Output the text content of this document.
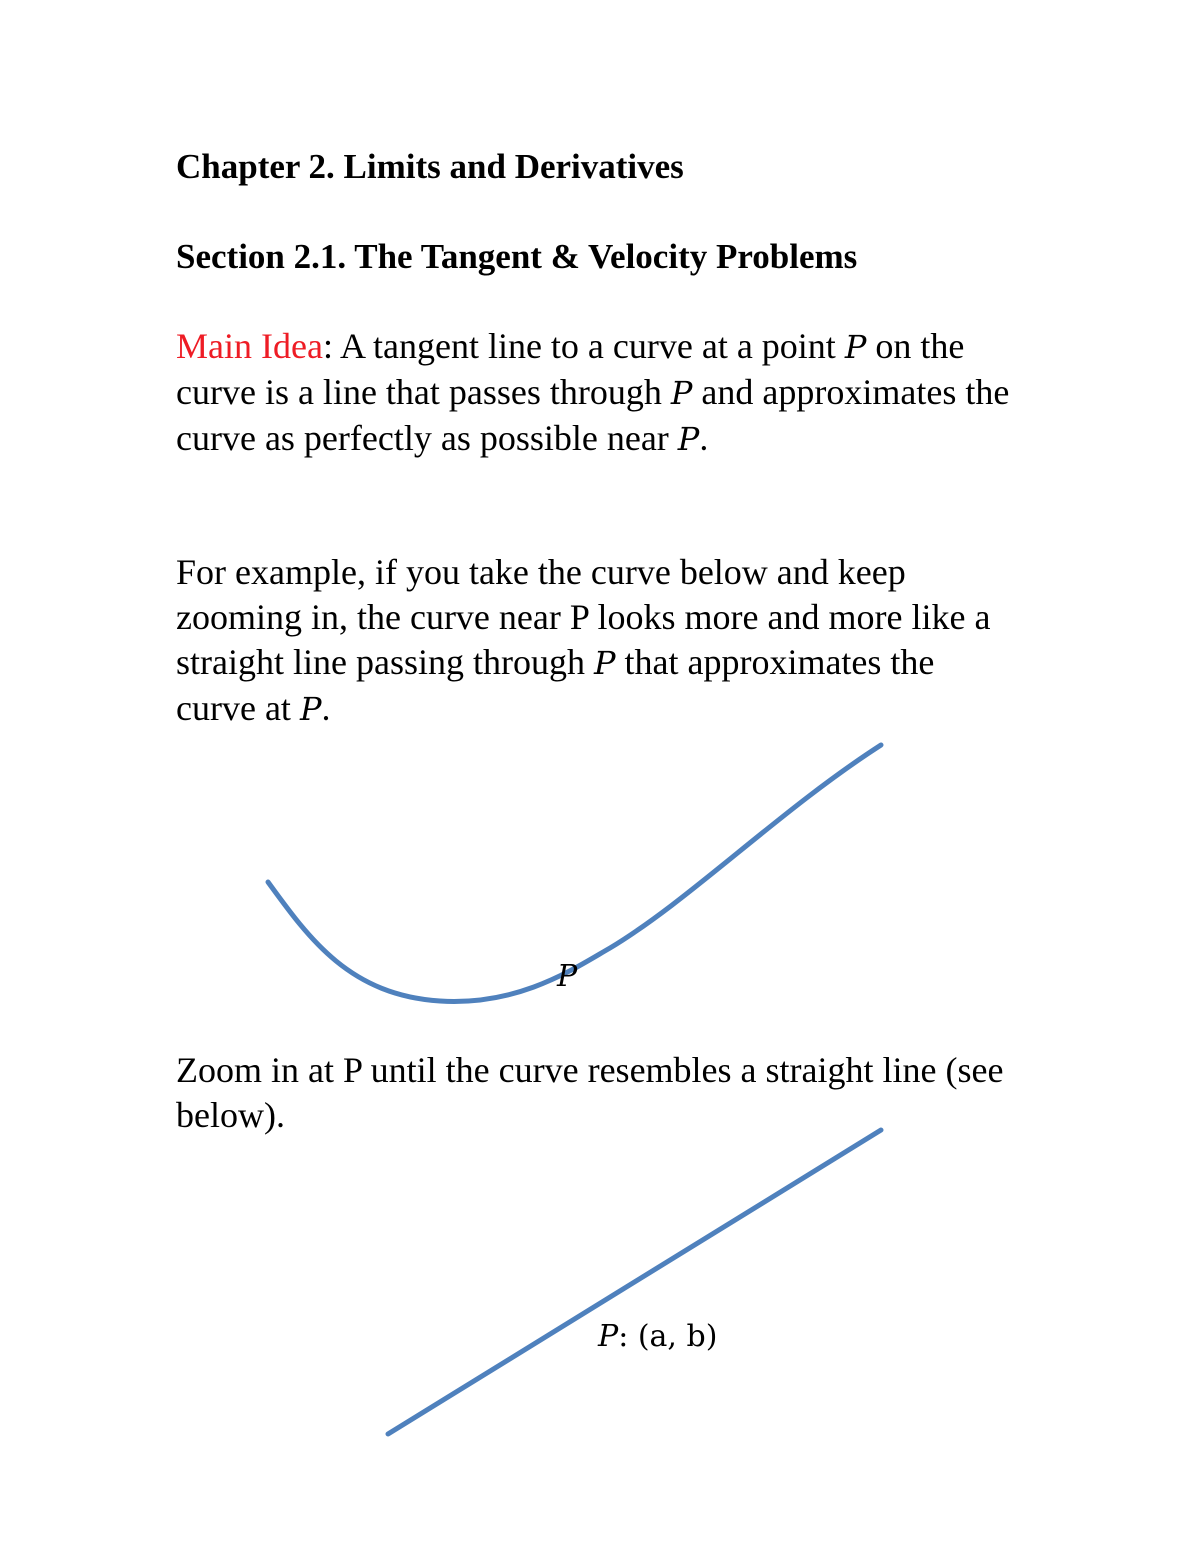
Chapter 2. Limits and Derivatives
Section 2.1. The Tangent & Velocity Problems

Main Idea: A tangent line to a curve at a point P on the curve is a line that passes through P and approximates the curve as perfectly as possible near P.

For example, if you take the curve below and keep zooming in, the curve near P looks more and more like a straight line passing through P that approximates the curve at P.

P

Zoom in at P until the curve resembles a straight line (see below).

P: (a, b)
